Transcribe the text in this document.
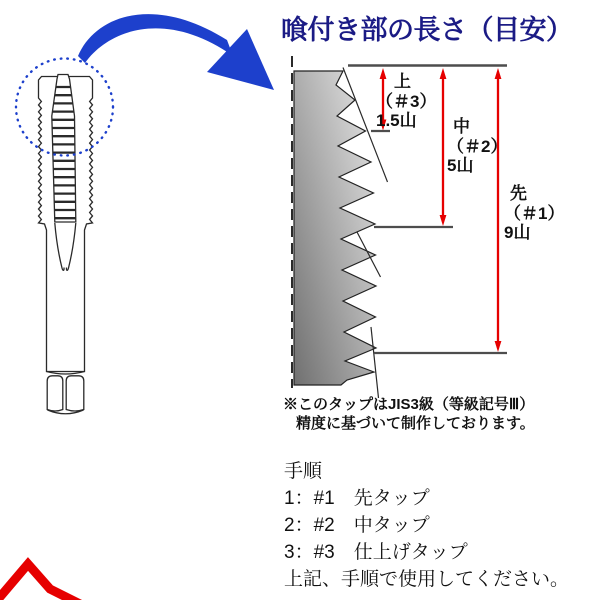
喰付き部の長さ（目安）
上
（＃3）
1.5山	中
（＃2）
5山
先
（＃1）
9山
※このタップはJIS3級（等級記号Ⅲ）
精度に基づいて制作しております。
手順
1：#1　先タップ
2：#2　中タップ
3：#3　仕上げタップ
上記、手順で使用してください。
